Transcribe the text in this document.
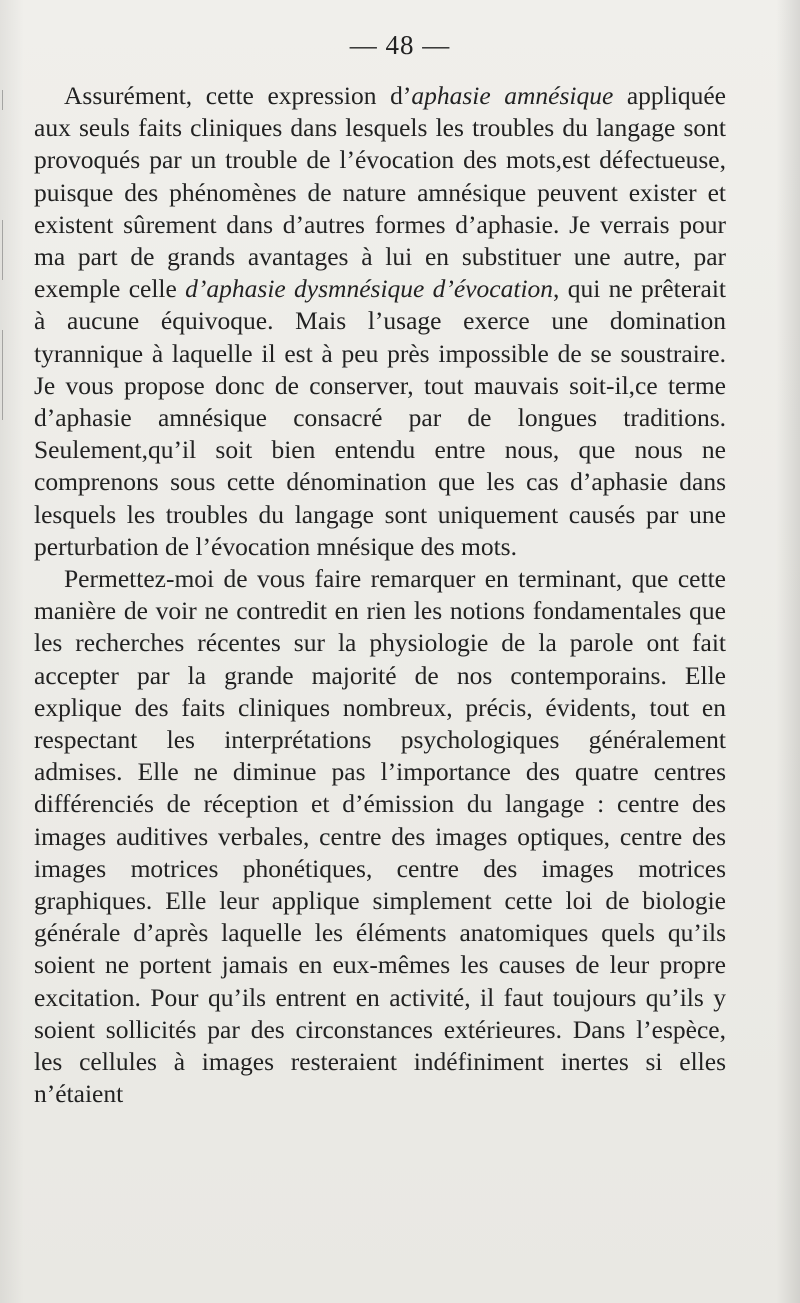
— 48 —

Assurément, cette expression d’aphasie amnésique appliquée aux seuls faits cliniques dans lesquels les troubles du langage sont provoqués par un trouble de l’évocation des mots,est défectueuse, puisque des phénomènes de nature amnésique peuvent exister et existent sûrement dans d’autres formes d’aphasie. Je verrais pour ma part de grands avantages à lui en substituer une autre, par exemple celle d’aphasie dysmnésique d’évocation, qui ne prêterait à aucune équivoque. Mais l’usage exerce une domination tyrannique à laquelle il est à peu près impossible de se soustraire. Je vous propose donc de conserver, tout mauvais soit-il,ce terme d’aphasie amnésique consacré par de longues traditions. Seulement,qu’il soit bien entendu entre nous, que nous ne comprenons sous cette dénomination que les cas d’aphasie dans lesquels les troubles du langage sont uniquement causés par une perturbation de l’évocation mnésique des mots.

Permettez-moi de vous faire remarquer en terminant, que cette manière de voir ne contredit en rien les notions fondamentales que les recherches récentes sur la physiologie de la parole ont fait accepter par la grande majorité de nos contemporains. Elle explique des faits cliniques nombreux, précis, évidents, tout en respectant les interprétations psychologiques généralement admises. Elle ne diminue pas l’importance des quatre centres différenciés de réception et d’émission du langage : centre des images auditives verbales, centre des images optiques, centre des images motrices phonétiques, centre des images motrices graphiques. Elle leur applique simplement cette loi de biologie générale d’après laquelle les éléments anatomiques quels qu’ils soient ne portent jamais en eux-mêmes les causes de leur propre excitation. Pour qu’ils entrent en activité, il faut toujours qu’ils y soient sollicités par des circonstances extérieures. Dans l’espèce, les cellules à images resteraient indéfiniment inertes si elles n’étaient
